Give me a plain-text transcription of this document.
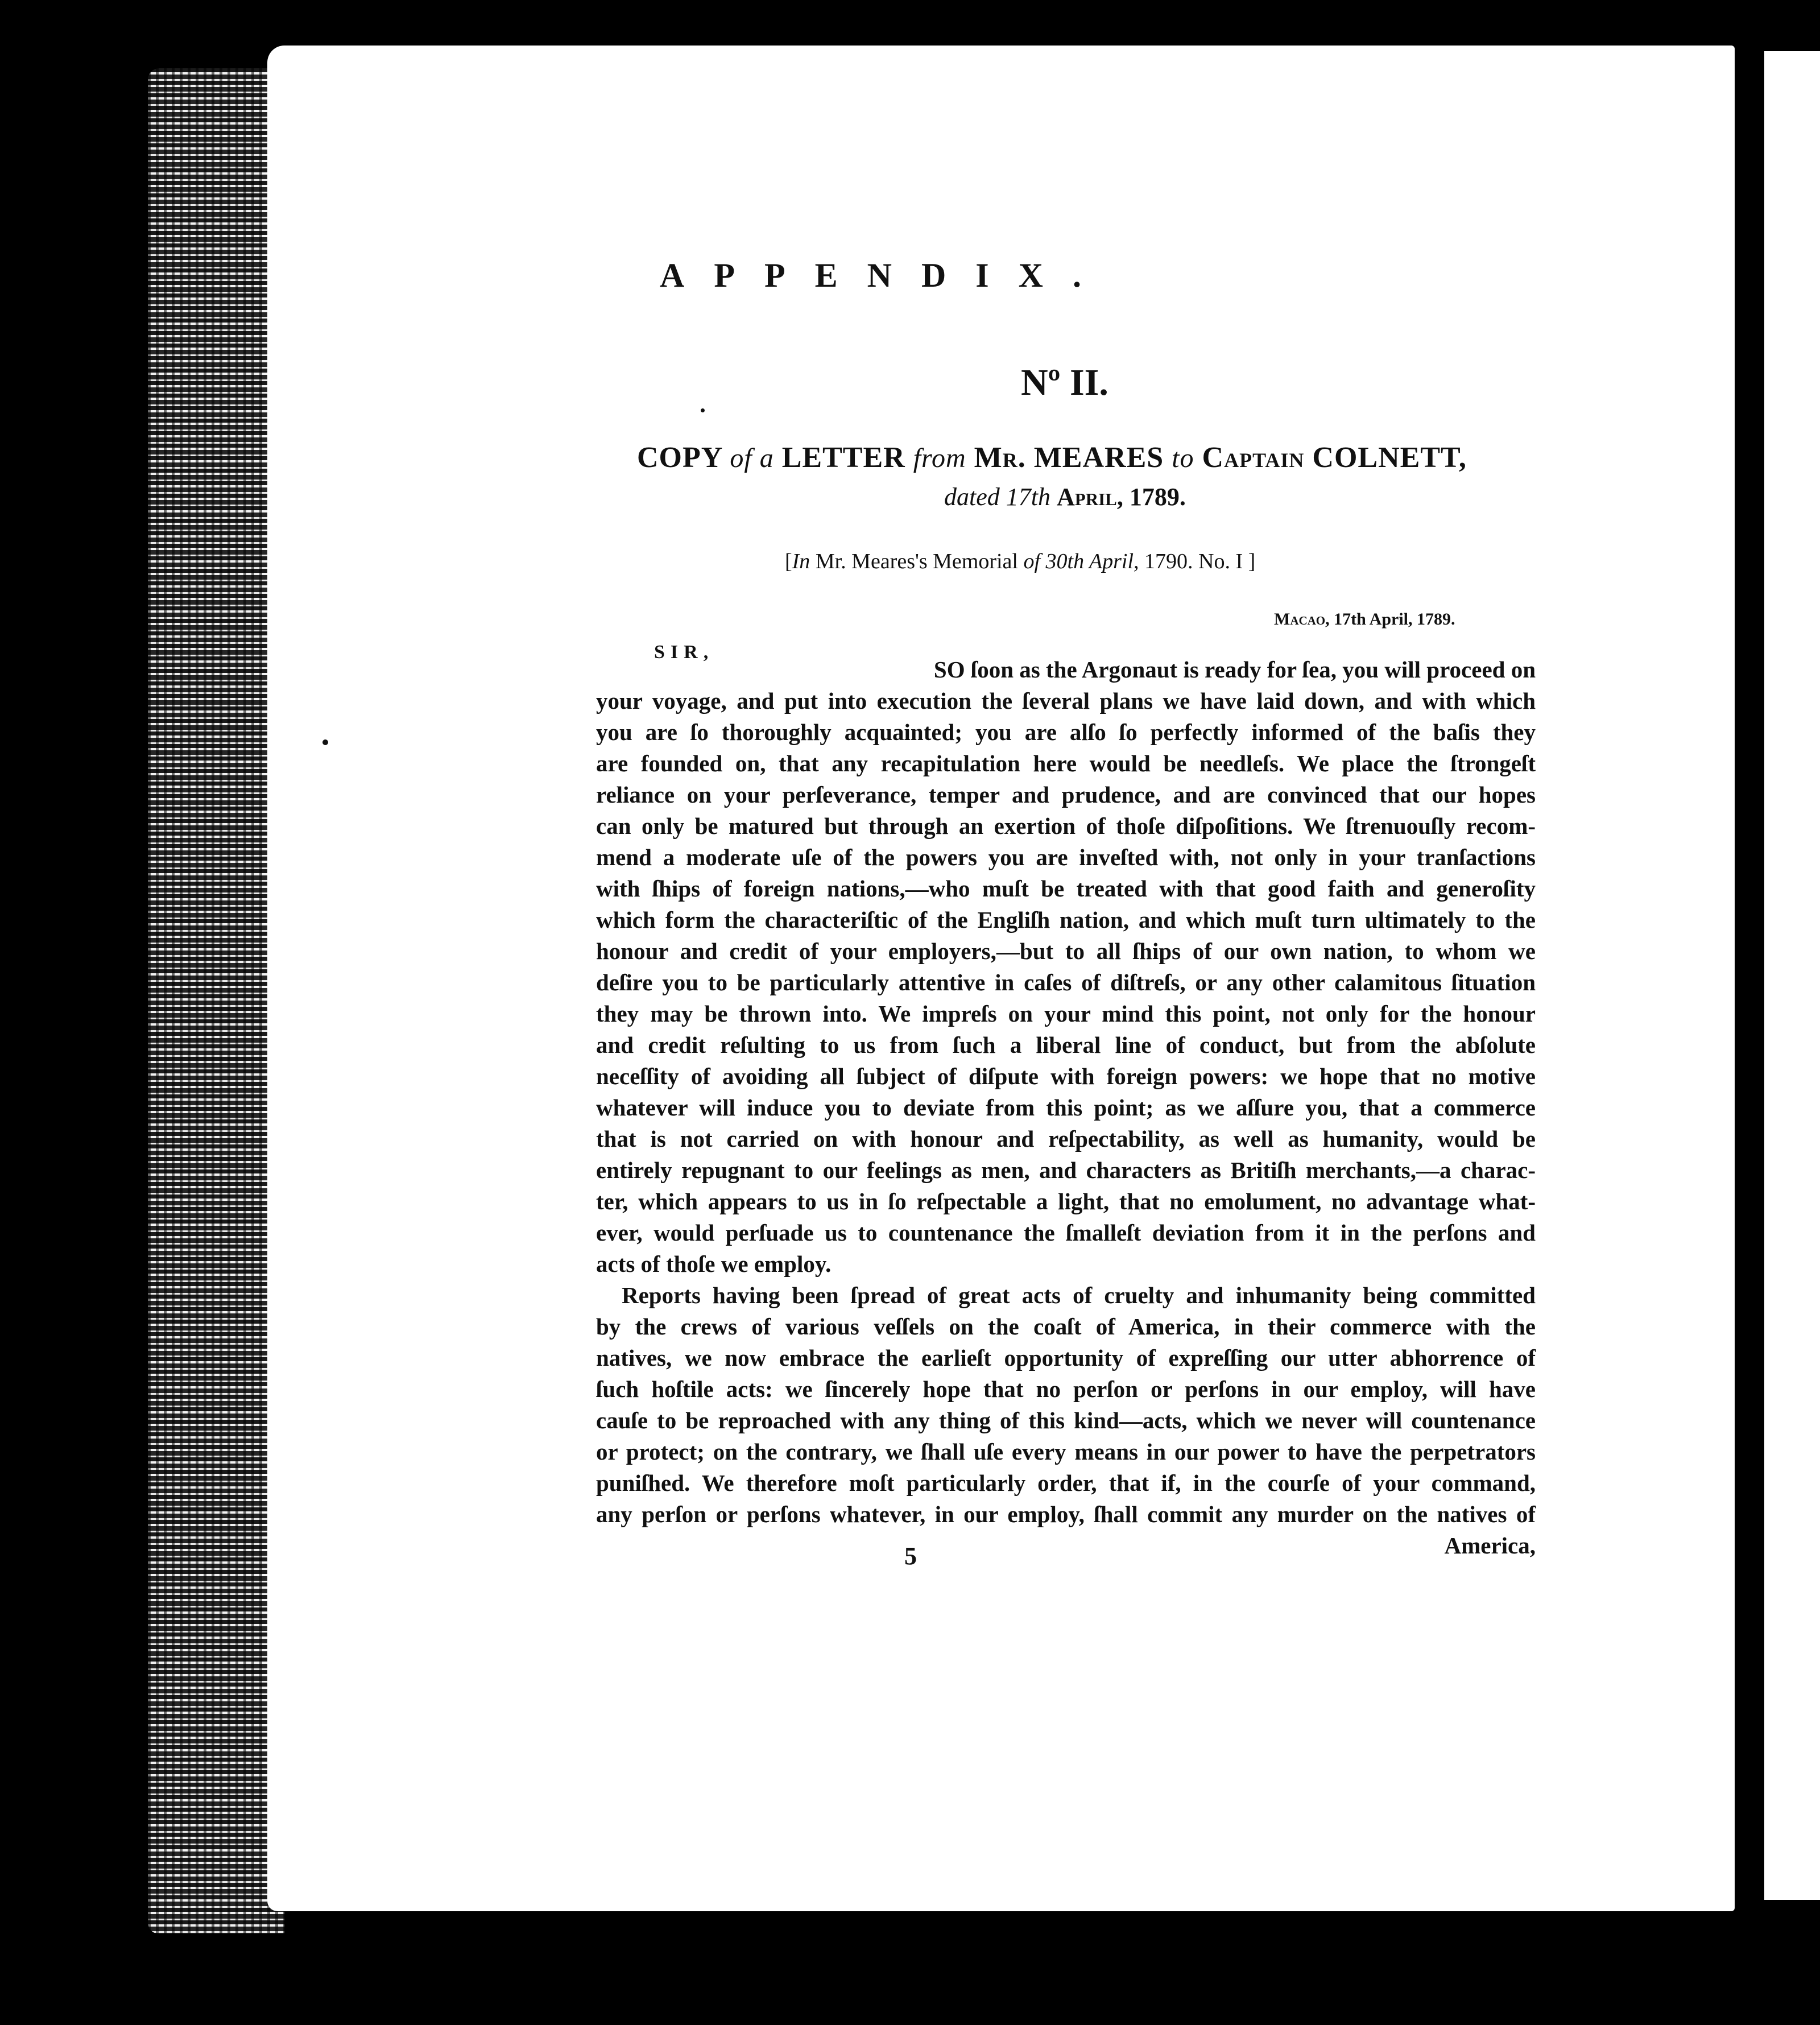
APPENDIX.
Nº II.
COPY of a LETTER from Mr. MEARES to Captain COLNETT,
dated 17th April, 1789.
[In Mr. Meares's Memorial of 30th April, 1790. No. I ]
Macao, 17th April, 1789.
SIR,
SO ſoon as the Argonaut is ready for ſea, you will proceed on
your voyage, and put into execution the ſeveral plans we have laid down, and with which
you are ſo thoroughly acquainted; you are alſo ſo perfectly informed of the baſis they
are founded on, that any recapitulation here would be needleſs. We place the ſtrongeſt
reliance on your perſeverance, temper and prudence, and are convinced that our hopes
can only be matured but through an exertion of thoſe diſpoſitions. We ſtrenuouſly recom-
mend a moderate uſe of the powers you are inveſted with, not only in your tranſactions
with ſhips of foreign nations,—who muſt be treated with that good faith and generoſity
which form the characteriſtic of the Engliſh nation, and which muſt turn ultimately to the
honour and credit of your employers,—but to all ſhips of our own nation, to whom we
deſire you to be particularly attentive in caſes of diſtreſs, or any other calamitous ſituation
they may be thrown into. We impreſs on your mind this point, not only for the honour
and credit reſulting to us from ſuch a liberal line of conduct, but from the abſolute
neceſſity of avoiding all ſubject of diſpute with foreign powers: we hope that no motive
whatever will induce you to deviate from this point; as we aſſure you, that a commerce
that is not carried on with honour and reſpectability, as well as humanity, would be
entirely repugnant to our feelings as men, and characters as Britiſh merchants,—a charac-
ter, which appears to us in ſo reſpectable a light, that no emolument, no advantage what-
ever, would perſuade us to countenance the ſmalleſt deviation from it in the perſons and
acts of thoſe we employ.
Reports having been ſpread of great acts of cruelty and inhumanity being committed
by the crews of various veſſels on the coaſt of America, in their commerce with the
natives, we now embrace the earlieſt opportunity of expreſſing our utter abhorrence of
ſuch hoſtile acts: we ſincerely hope that no perſon or perſons in our employ, will have
cauſe to be reproached with any thing of this kind—acts, which we never will countenance
or protect; on the contrary, we ſhall uſe every means in our power to have the perpetrators
puniſhed. We therefore moſt particularly order, that if, in the courſe of your command,
any perſon or perſons whatever, in our employ, ſhall commit any murder on the natives of
America,
5
